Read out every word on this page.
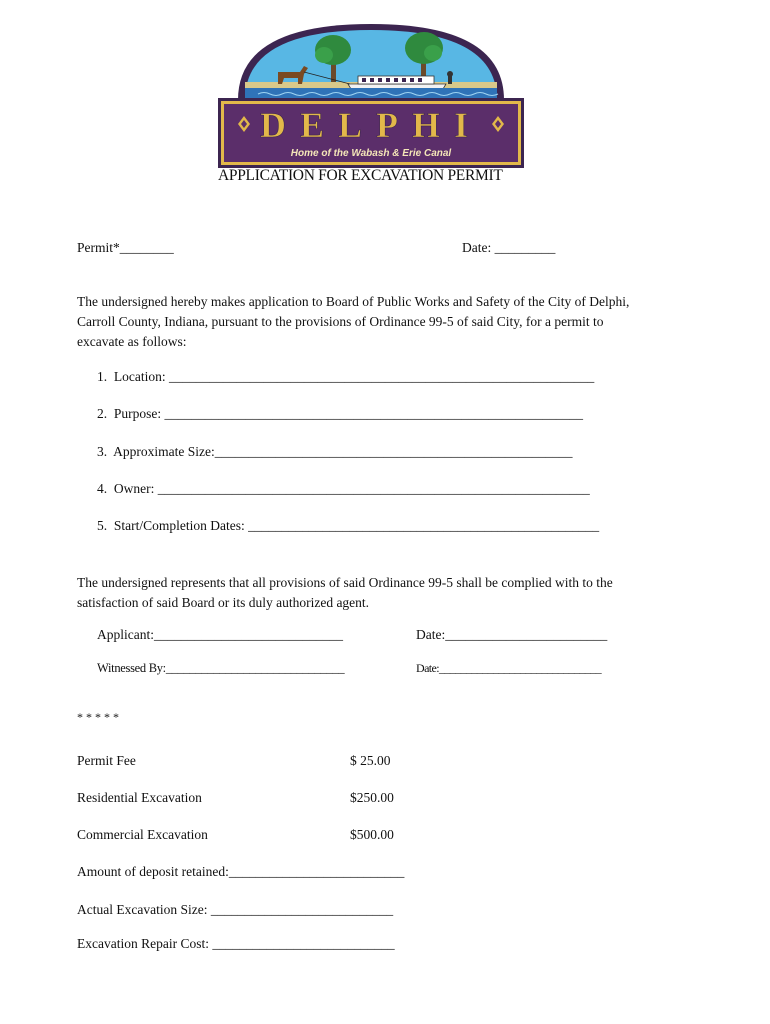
DELPHI
Home of the Wabash & Erie Canal
APPLICATION FOR EXCAVATION PERMIT
Permit*________	Date: _________
The undersigned hereby makes application to Board of Public Works and Safety of the City of Delphi, Carroll County, Indiana, pursuant to the provisions of Ordinance 99-5 of said City, for a permit to excavate as follows:
1. Location: _______________________________________________________________
2. Purpose: ______________________________________________________________
3. Approximate Size:_____________________________________________________
4. Owner: ________________________________________________________________
5. Start/Completion Dates: ____________________________________________________
The undersigned represents that all provisions of said Ordinance 99-5 shall be complied with to the satisfaction of said Board or its duly authorized agent.
Applicant:____________________________	Date:________________________
Witnessed By:______________________________	Date:______________________________
* * * * *
Permit Fee	$ 25.00
Residential Excavation	$250.00
Commercial Excavation	$500.00
Amount of deposit retained:__________________________
Actual Excavation Size: ___________________________
Excavation Repair Cost: ___________________________
